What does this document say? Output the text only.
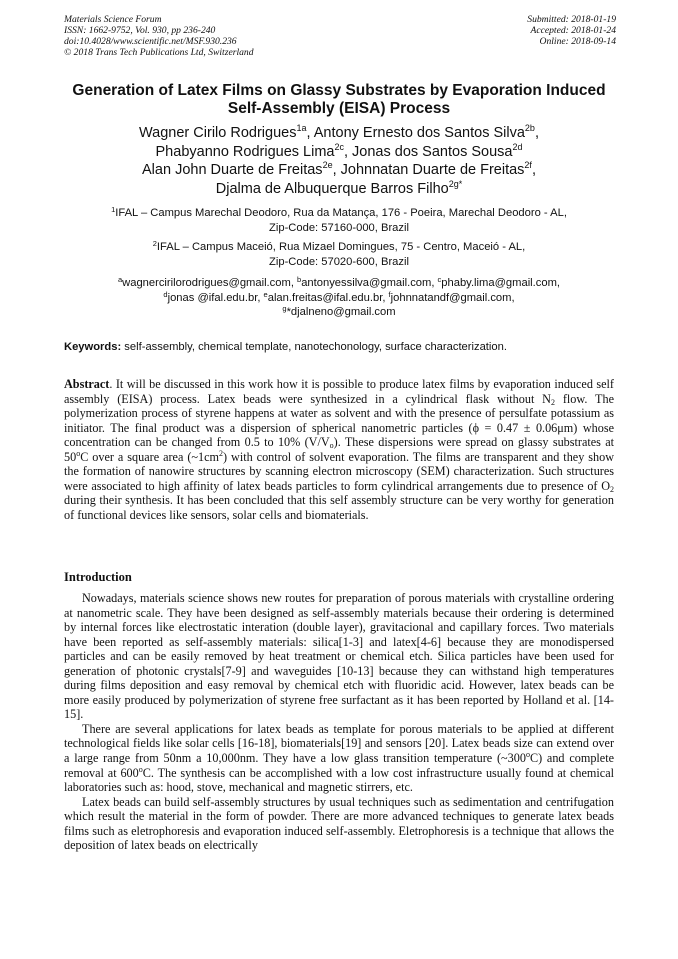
Materials Science Forum
ISSN: 1662-9752, Vol. 930, pp 236-240
doi:10.4028/www.scientific.net/MSF.930.236
© 2018 Trans Tech Publications Ltd, Switzerland
Submitted: 2018-01-19
Accepted: 2018-01-24
Online: 2018-09-14
Generation of Latex Films on Glassy Substrates by Evaporation Induced
Self-Assembly (EISA) Process
Wagner Cirilo Rodrigues$^{1a}$, Antony Ernesto dos Santos Silva$^{2b}$,
Phabyanno Rodrigues Lima$^{2c}$, Jonas dos Santos Sousa$^{2d}$
Alan John Duarte de Freitas$^{2e}$, Johnnatan Duarte de Freitas$^{2f}$,
Djalma de Albuquerque Barros Filho$^{2g*}$
$^1$IFAL – Campus Marechal Deodoro, Rua da Matança, 176 - Poeira, Marechal Deodoro - AL,
Zip-Code: 57160-000, Brazil
$^2$IFAL – Campus Maceió, Rua Mizael Domingues, 75 - Centro, Maceió - AL,
Zip-Code: 57020-600, Brazil
$^a$wagnercirilorodrigues@gmail.com, $^b$antonyessilva@gmail.com, $^c$phaby.lima@gmail.com,
$^d$jonas @ifal.edu.br, $^e$alan.freitas@ifal.edu.br, $^f$johnnatandf@gmail.com,
$^g$*djalneno@gmail.com
Keywords: self-assembly, chemical template, nanotechonology, surface characterization.

Abstract. It will be discussed in this work how it is possible to produce latex films by evaporation induced self assembly (EISA) process. Latex beads were synthesized in a cylindrical flask without $N_2$ flow. The polymerization process of styrene happens at water as solvent and with the presence of persulfate potassium as initiator. The final product was a dispersion of spherical nanometric particles (ϕ = 0.47 ± 0.06μm) whose concentration can be changed from 0.5 to 10% $(V/V_o)$. These dispersions were spread on glassy substrates at 50$^o$C over a square area $(\sim 1cm^2)$ with control of solvent evaporation. The films are transparent and they show the formation of nanowire structures by scanning electron microscopy (SEM) characterization. Such structures were associated to high affinity of latex beads particles to form cylindrical arrangements due to presence of $O_2$ during their synthesis. It has been concluded that this self assembly structure can be very worthy for generation of functional devices like sensors, solar cells and biomaterials.

Introduction

Nowadays, materials science shows new routes for preparation of porous materials with crystalline ordering at nanometric scale. They have been designed as self-assembly materials because their ordering is determined by internal forces like electrostatic interation (double layer), gravitacional and capillary forces. Two materials have been reported as self-assembly materials: silica[1-3] and latex[4-6] because they are monodispersed particles and can be easily removed by heat treatment or chemical etch. Silica particles have been used for generation of photonic crystals[7-9] and waveguides [10-13] because they can withstand high temperatures during films deposition and easy removal by chemical etch with fluoridic acid. However, latex beads can be more easily produced by polymerization of styrene free surfactant as it has been reported by Holland et al. [14-15].

There are several applications for latex beads as template for porous materials to be applied at different technological fields like solar cells [16-18], biomaterials[19] and sensors [20]. Latex beads size can extend over a large range from 50nm a 10,000nm. They have a low glass transition temperature (~300$^o$C) and complete removal at 600$^o$C. The synthesis can be accomplished with a low cost infrastructure usually found at chemical laboratories such as: hood, stove, mechanical and magnetic stirrers, etc.

Latex beads can build self-assembly structures by usual techniques such as sedimentation and centrifugation which result the material in the form of powder. There are more advanced techniques to generate latex beads films such as eletrophoresis and evaporation induced self-assembly. Eletrophoresis is a technique that allows the deposition of latex beads on electrically
